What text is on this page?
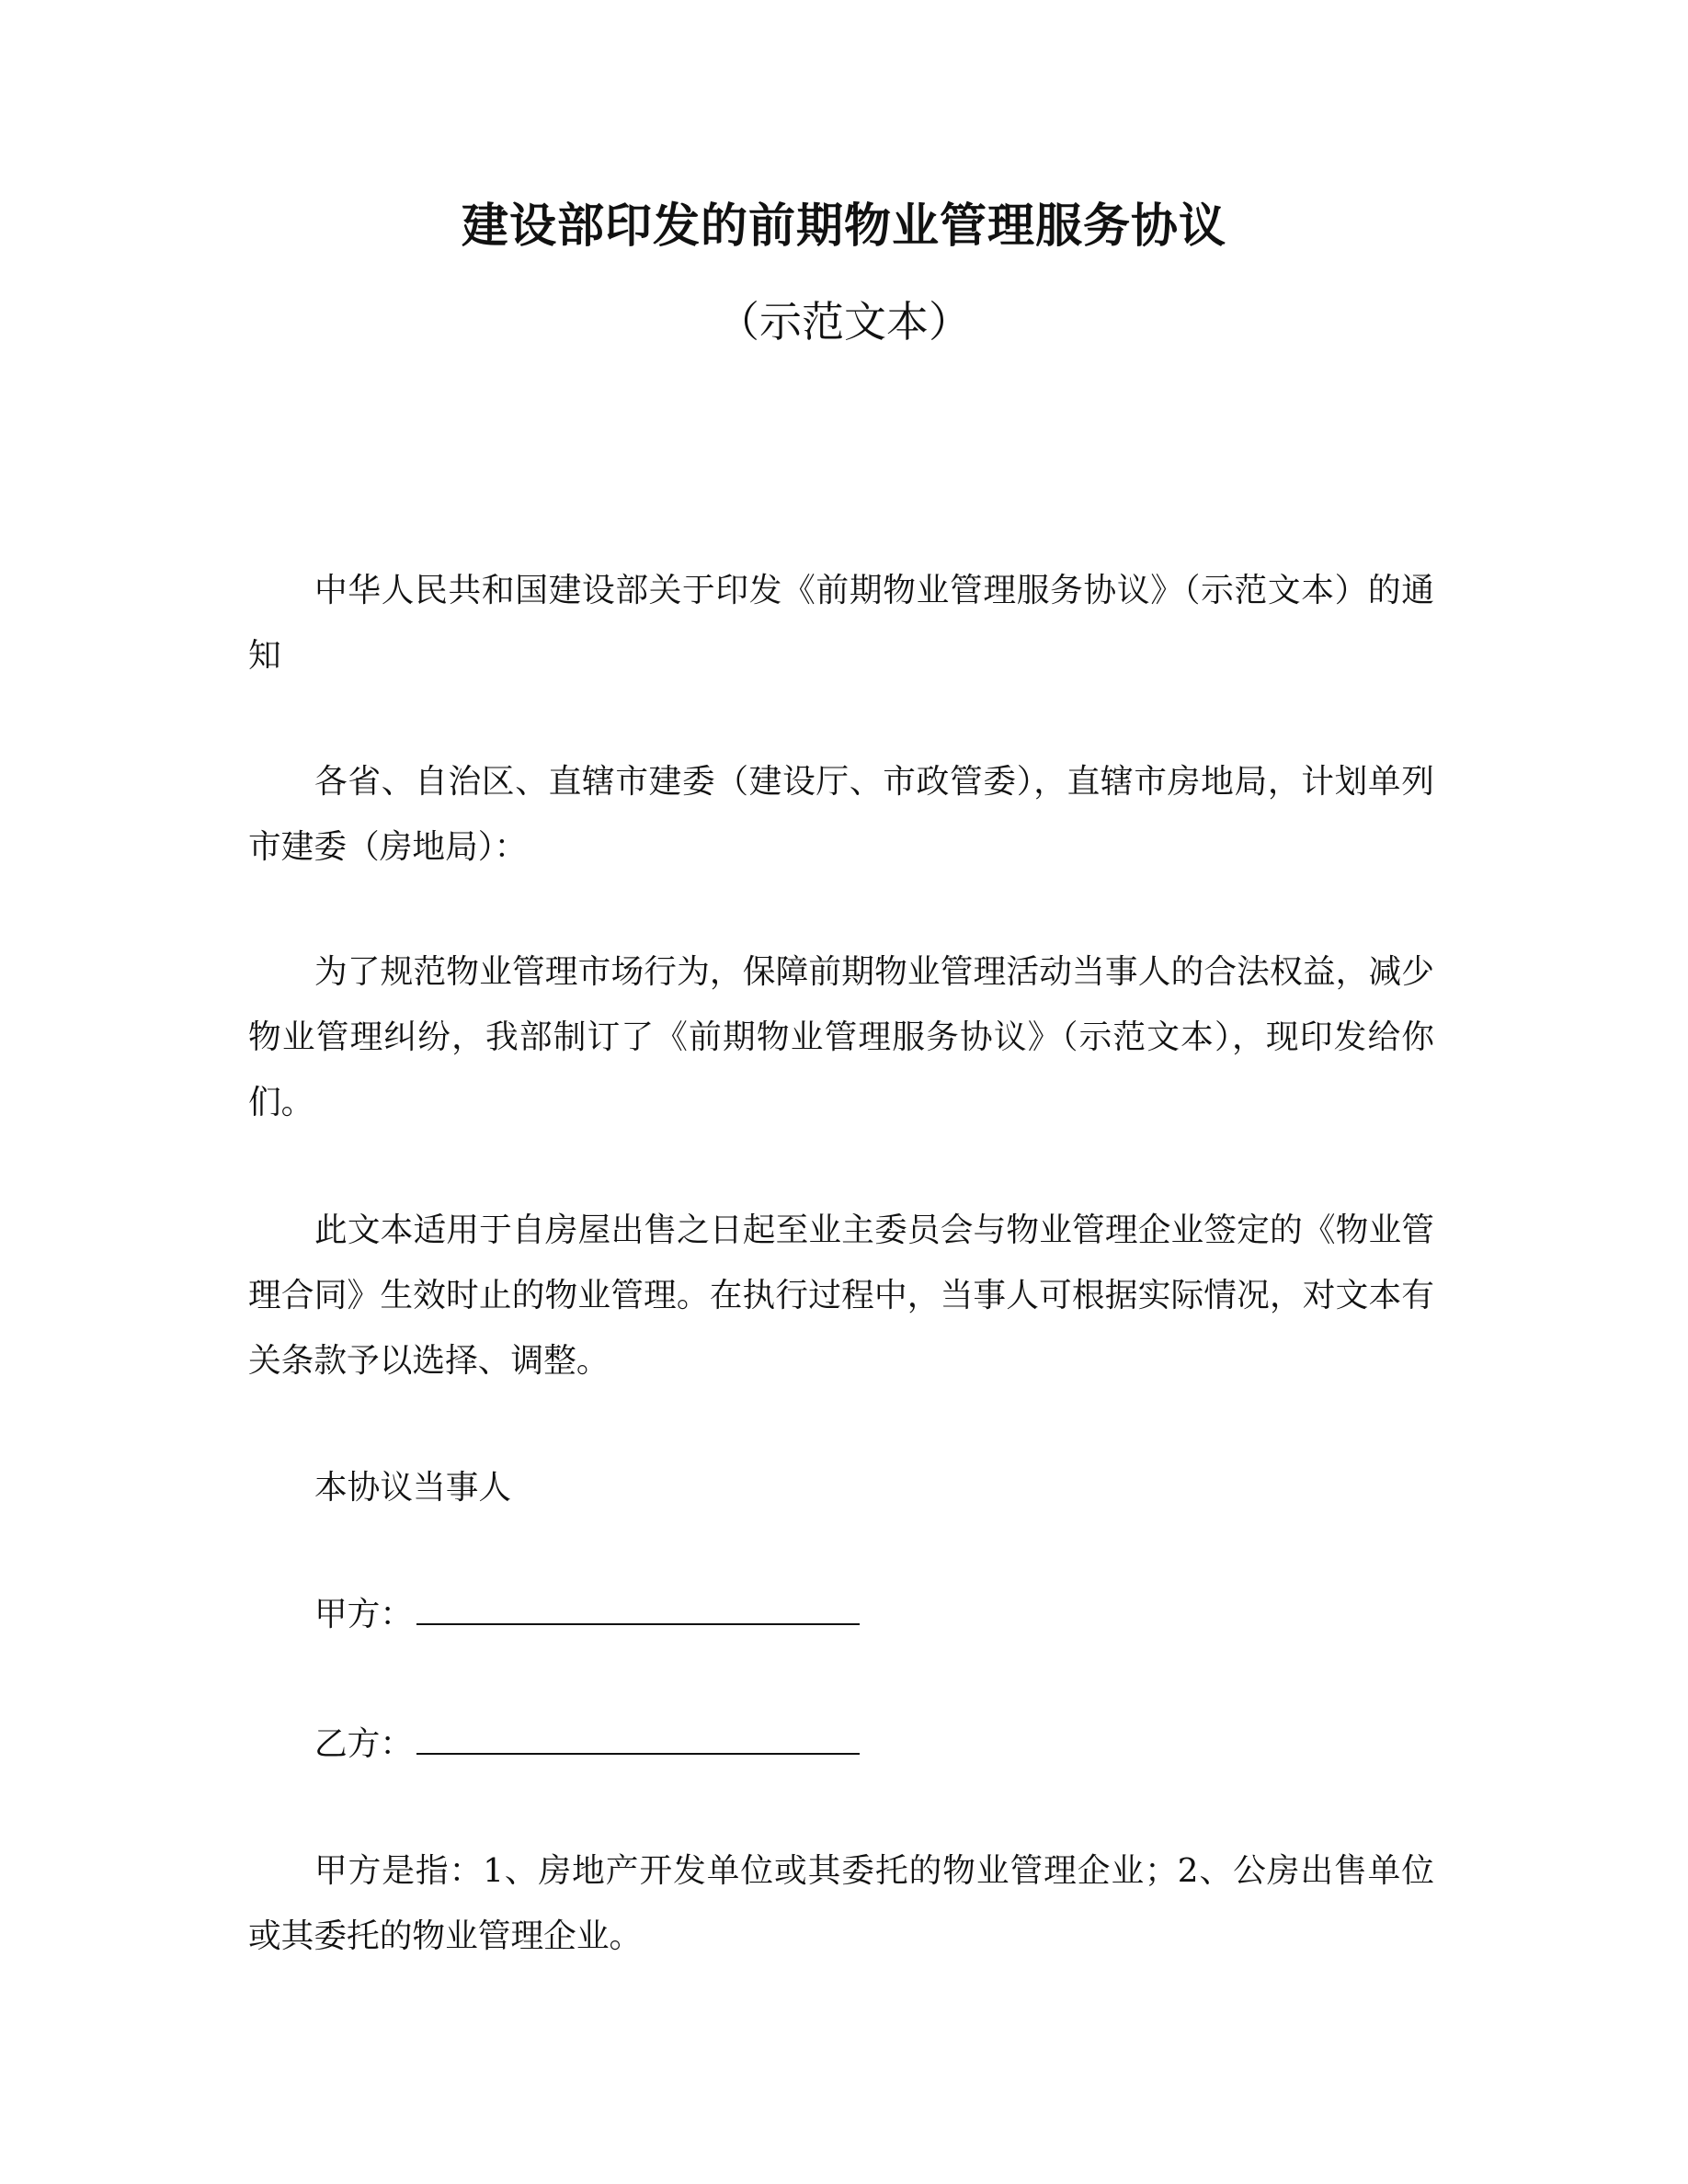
建设部印发的前期物业管理服务协议
（示范文本）

中华人民共和国建设部关于印发《前期物业管理服务协议》（示范文本）的通知

各省、自治区、直辖市建委（建设厅、市政管委），直辖市房地局，计划单列市建委（房地局）：

为了规范物业管理市场行为，保障前期物业管理活动当事人的合法权益，减少物业管理纠纷，我部制订了《前期物业管理服务协议》（示范文本），现印发给你们。

此文本适用于自房屋出售之日起至业主委员会与物业管理企业签定的《物业管理合同》生效时止的物业管理。在执行过程中，当事人可根据实际情况，对文本有关条款予以选择、调整。

本协议当事人

甲方：
乙方：

甲方是指：1、房地产开发单位或其委托的物业管理企业；2、公房出售单位或其委托的物业管理企业。
